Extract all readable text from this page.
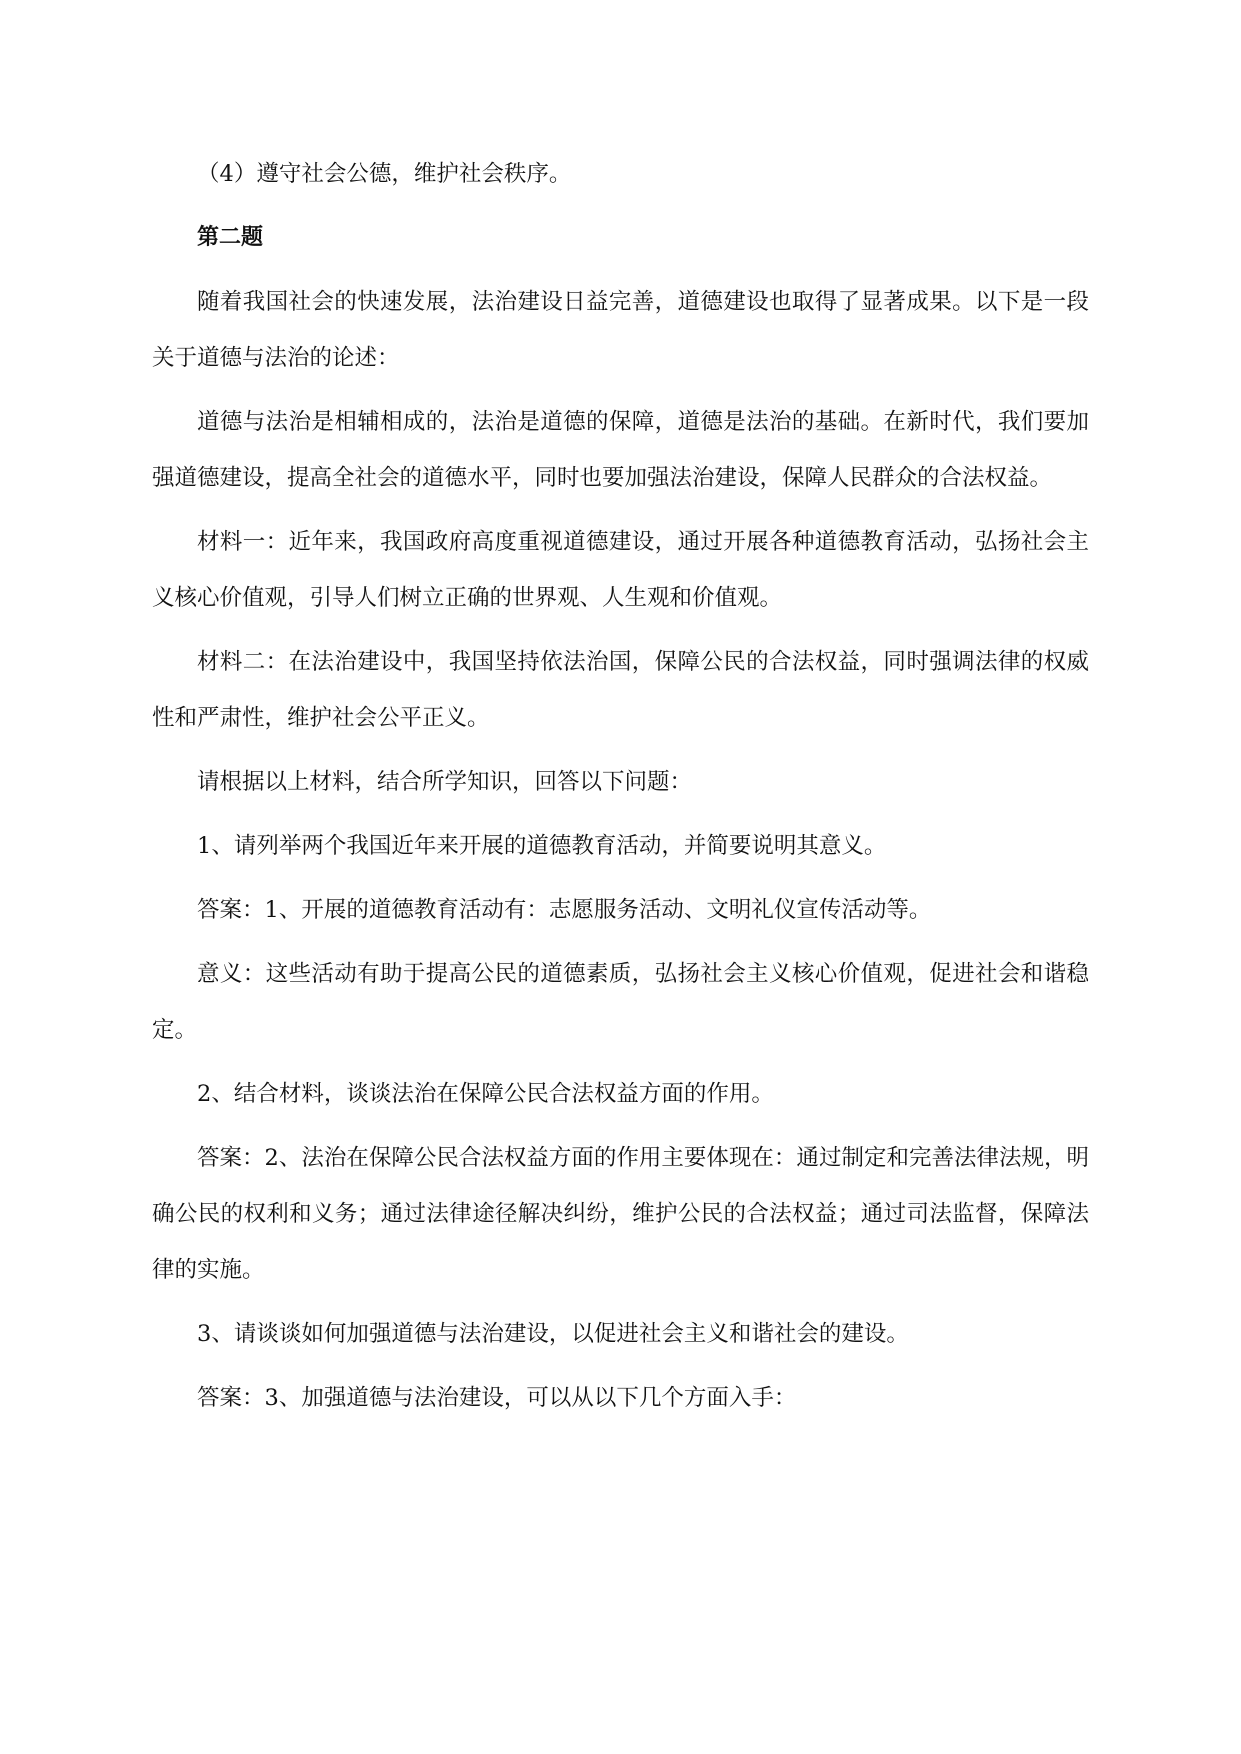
（4）遵守社会公德，维护社会秩序。

第二题

随着我国社会的快速发展，法治建设日益完善，道德建设也取得了显著成果。以下是一段关于道德与法治的论述：

道德与法治是相辅相成的，法治是道德的保障，道德是法治的基础。在新时代，我们要加强道德建设，提高全社会的道德水平，同时也要加强法治建设，保障人民群众的合法权益。

材料一：近年来，我国政府高度重视道德建设，通过开展各种道德教育活动，弘扬社会主义核心价值观，引导人们树立正确的世界观、人生观和价值观。

材料二：在法治建设中，我国坚持依法治国，保障公民的合法权益，同时强调法律的权威性和严肃性，维护社会公平正义。

请根据以上材料，结合所学知识，回答以下问题：

1、请列举两个我国近年来开展的道德教育活动，并简要说明其意义。

答案：1、开展的道德教育活动有：志愿服务活动、文明礼仪宣传活动等。

意义：这些活动有助于提高公民的道德素质，弘扬社会主义核心价值观，促进社会和谐稳定。

2、结合材料，谈谈法治在保障公民合法权益方面的作用。

答案：2、法治在保障公民合法权益方面的作用主要体现在：通过制定和完善法律法规，明确公民的权利和义务；通过法律途径解决纠纷，维护公民的合法权益；通过司法监督，保障法律的实施。

3、请谈谈如何加强道德与法治建设，以促进社会主义和谐社会的建设。

答案：3、加强道德与法治建设，可以从以下几个方面入手：
